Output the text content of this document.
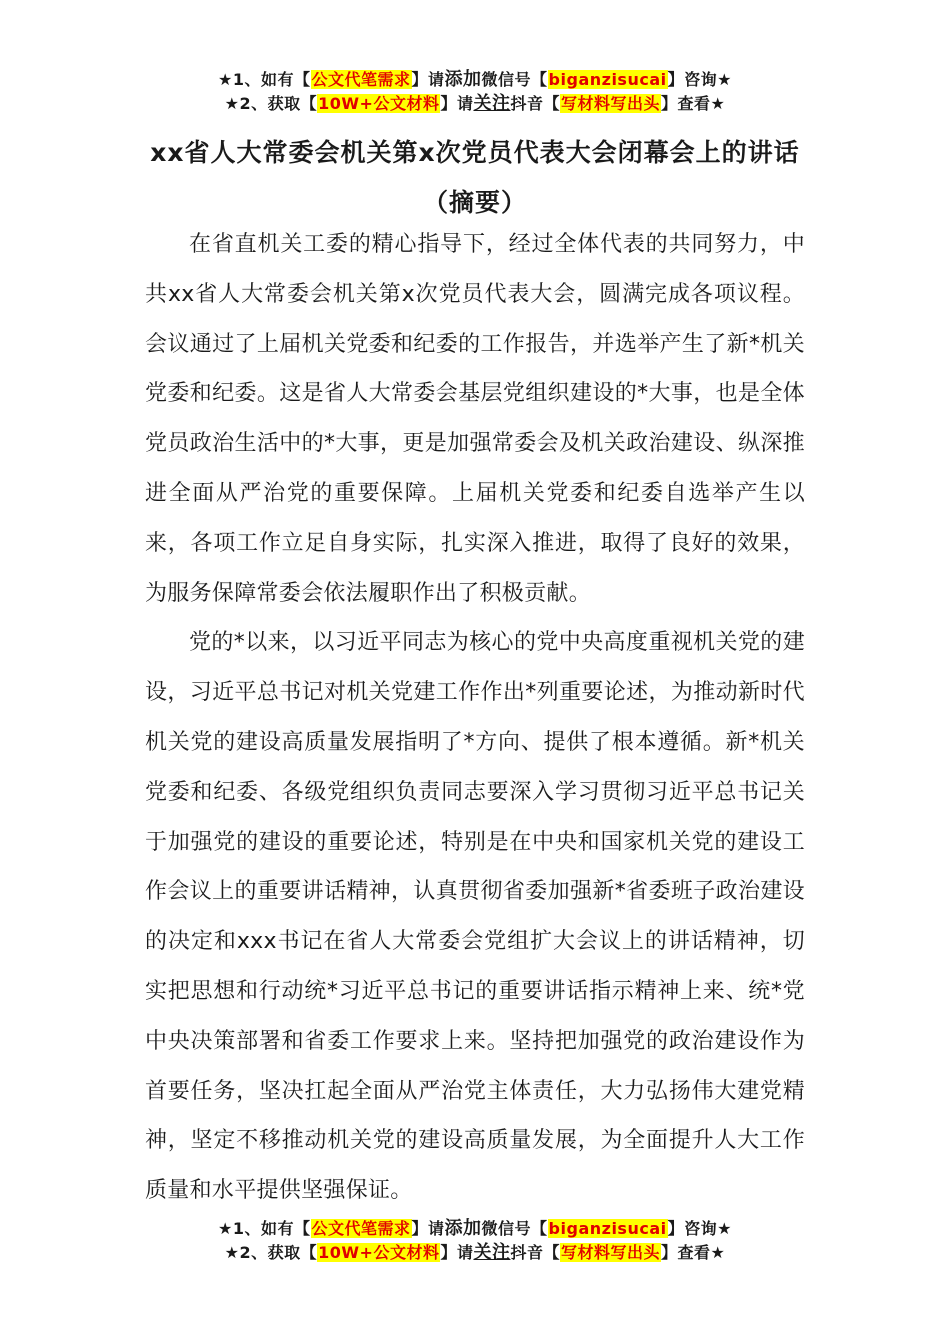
★1、如有【公文代笔需求】请添加微信号【biganzisucai】咨询★
★2、获取【10W+公文材料】请关注抖音【写材料写出头】查看★
xx省人大常委会机关第x次党员代表大会闭幕会上的讲话
（摘要）

在省直机关工委的精心指导下，经过全体代表的共同努力，中共xx省人大常委会机关第x次党员代表大会，圆满完成各项议程。会议通过了上届机关党委和纪委的工作报告，并选举产生了新*机关党委和纪委。这是省人大常委会基层党组织建设的*大事，也是全体党员政治生活中的*大事，更是加强常委会及机关政治建设、纵深推进全面从严治党的重要保障。上届机关党委和纪委自选举产生以来，各项工作立足自身实际，扎实深入推进，取得了良好的效果，为服务保障常委会依法履职作出了积极贡献。

党的*以来，以习近平同志为核心的党中央高度重视机关党的建设，习近平总书记对机关党建工作作出*列重要论述，为推动新时代机关党的建设高质量发展指明了*方向、提供了根本遵循。新*机关党委和纪委、各级党组织负责同志要深入学习贯彻习近平总书记关于加强党的建设的重要论述，特别是在中央和国家机关党的建设工作会议上的重要讲话精神，认真贯彻省委加强新*省委班子政治建设的决定和xxx书记在省人大常委会党组扩大会议上的讲话精神，切实把思想和行动统*习近平总书记的重要讲话指示精神上来、统*党中央决策部署和省委工作要求上来。坚持把加强党的政治建设作为首要任务，坚决扛起全面从严治党主体责任，大力弘扬伟大建党精神，坚定不移推动机关党的建设高质量发展，为全面提升人大工作质量和水平提供坚强保证。

★1、如有【公文代笔需求】请添加微信号【biganzisucai】咨询★
★2、获取【10W+公文材料】请关注抖音【写材料写出头】查看★
